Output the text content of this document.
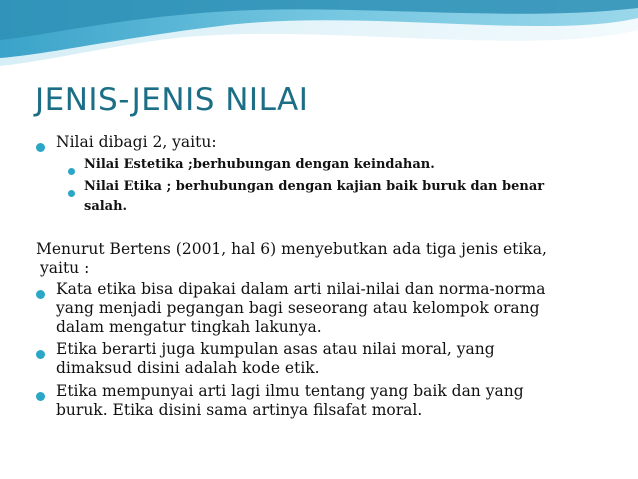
JENIS-JENIS NILAI

Nilai dibagi 2, yaitu:

Nilai Estetika ;berhubungan dengan keindahan.

Nilai Etika ; berhubungan dengan kajian baik buruk dan benar

salah.

Menurut Bertens (2001, hal 6) menyebutkan ada tiga jenis etika,

yaitu :

Kata etika bisa dipakai dalam arti nilai-nilai dan norma-norma

yang menjadi pegangan bagi seseorang atau kelompok orang

dalam mengatur tingkah lakunya.

Etika berarti juga kumpulan asas atau nilai moral, yang

dimaksud disini adalah kode etik.

Etika mempunyai arti lagi ilmu tentang yang baik dan yang

buruk. Etika disini sama artinya filsafat moral.
